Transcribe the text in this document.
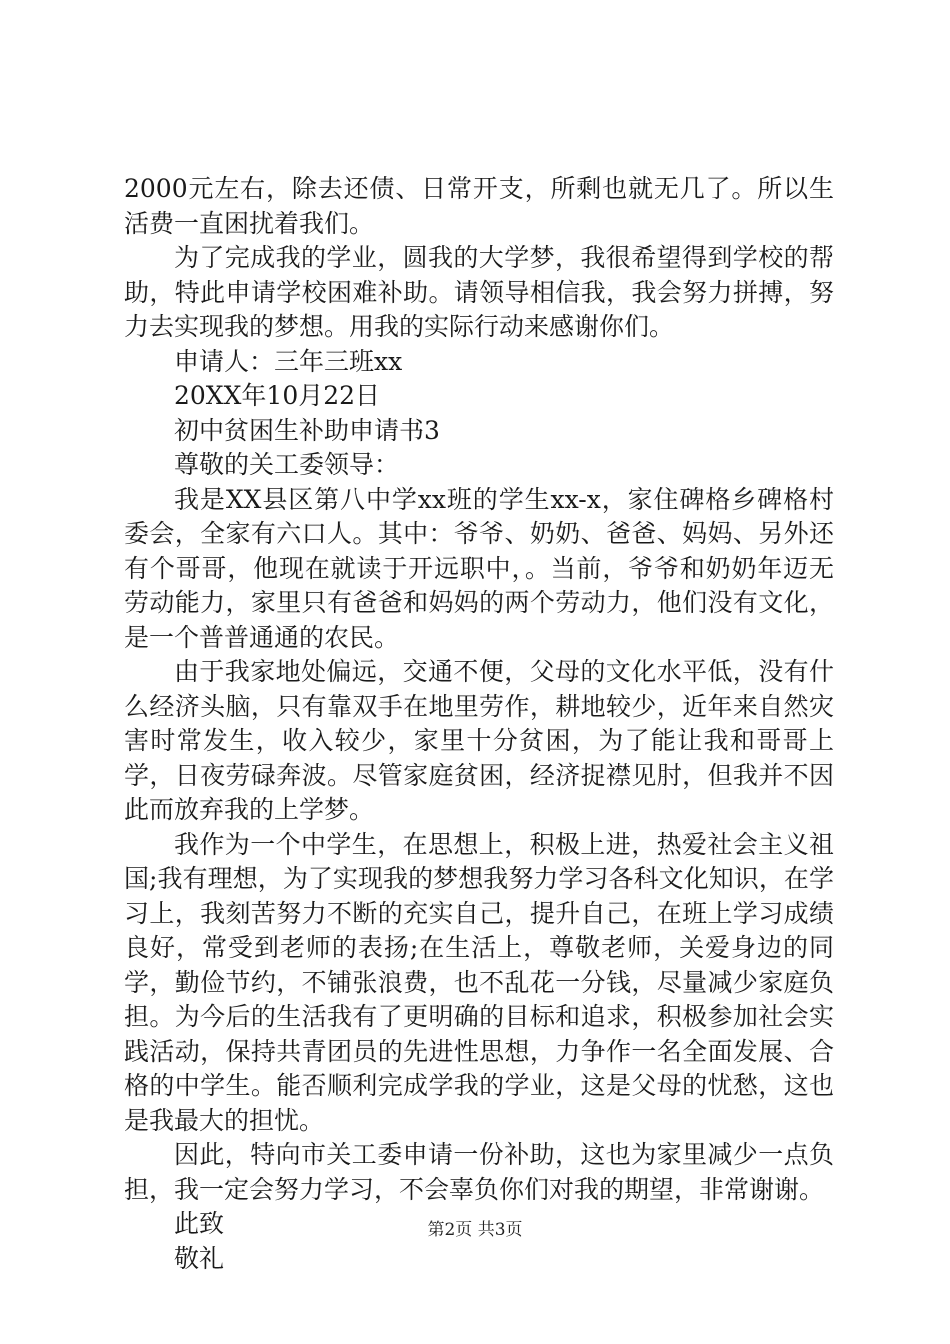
2000元左右，除去还债、日常开支，所剩也就无几了。所以生活费一直困扰着我们。

为了完成我的学业，圆我的大学梦，我很希望得到学校的帮助，特此申请学校困难补助。请领导相信我，我会努力拼搏，努力去实现我的梦想。用我的实际行动来感谢你们。

申请人：三年三班xx

20XX年10月22日

初中贫困生补助申请书3

尊敬的关工委领导：

我是XX县区第八中学xx班的学生xx-x，家住碑格乡碑格村委会，全家有六口人。其中：爷爷、奶奶、爸爸、妈妈、另外还有个哥哥，他现在就读于开远职中，。当前，爷爷和奶奶年迈无劳动能力，家里只有爸爸和妈妈的两个劳动力，他们没有文化，是一个普普通通的农民。

由于我家地处偏远，交通不便，父母的文化水平低，没有什么经济头脑，只有靠双手在地里劳作，耕地较少，近年来自然灾害时常发生，收入较少，家里十分贫困，为了能让我和哥哥上学，日夜劳碌奔波。尽管家庭贫困，经济捉襟见肘，但我并不因此而放弃我的上学梦。

我作为一个中学生，在思想上，积极上进，热爱社会主义祖国;我有理想，为了实现我的梦想我努力学习各科文化知识，在学习上，我刻苦努力不断的充实自己，提升自己，在班上学习成绩良好，常受到老师的表扬;在生活上，尊敬老师，关爱身边的同学，勤俭节约，不铺张浪费，也不乱花一分钱，尽量减少家庭负担。为今后的生活我有了更明确的目标和追求，积极参加社会实践活动，保持共青团员的先进性思想，力争作一名全面发展、合格的中学生。能否顺利完成学我的学业，这是父母的忧愁，这也是我最大的担忧。

因此，特向市关工委申请一份补助，这也为家里减少一点负担，我一定会努力学习，不会辜负你们对我的期望，非常谢谢。

此致

敬礼

第2页 共3页
